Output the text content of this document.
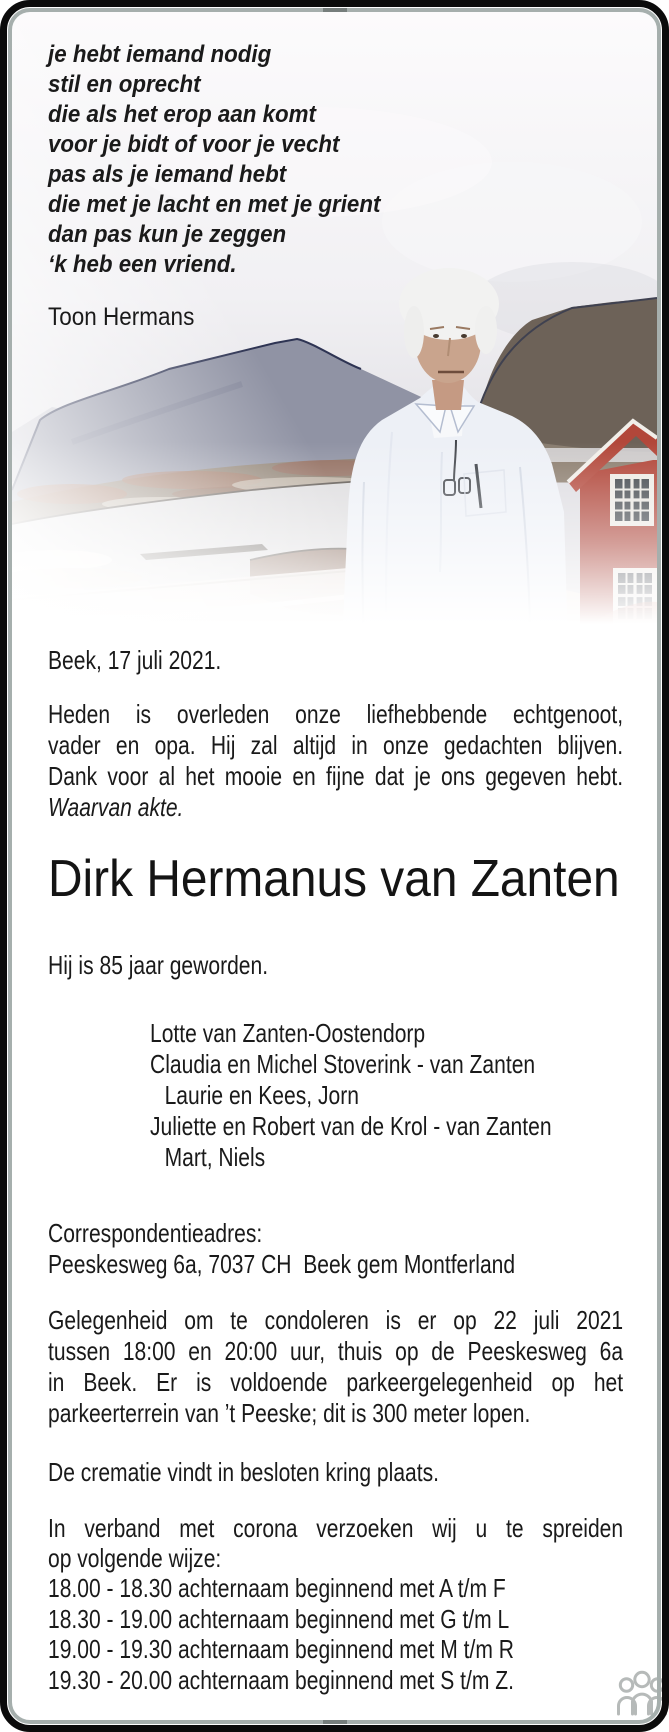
je hebt iemand nodig
stil en oprecht
die als het erop aan komt
voor je bidt of voor je vecht
pas als je iemand hebt
die met je lacht en met je grient
dan pas kun je zeggen
‘k heb een vriend.
Toon Hermans
Beek, 17 juli 2021.
Heden is overleden onze liefhebbende echtgenoot,
vader en opa. Hij zal altijd in onze gedachten blijven.
Dank voor al het mooie en fijne dat je ons gegeven hebt.
Waarvan akte.
Dirk Hermanus van Zanten
Hij is 85 jaar geworden.
Lotte van Zanten-Oostendorp
Claudia en Michel Stoverink - van Zanten
Laurie en Kees, Jorn
Juliette en Robert van de Krol - van Zanten
Mart, Niels
Correspondentieadres:
Peeskesweg 6a, 7037 CH  Beek gem Montferland
Gelegenheid om te condoleren is er op 22 juli 2021
tussen 18:00 en 20:00 uur, thuis op de Peeskesweg 6a
in Beek. Er is voldoende parkeergelegenheid op het
parkeerterrein van ’t Peeske; dit is 300 meter lopen.
De crematie vindt in besloten kring plaats.
In verband met corona verzoeken wij u te spreiden
op volgende wijze:
18.00 - 18.30 achternaam beginnend met A t/m F
18.30 - 19.00 achternaam beginnend met G t/m L
19.00 - 19.30 achternaam beginnend met M t/m R
19.30 - 20.00 achternaam beginnend met S t/m Z.
